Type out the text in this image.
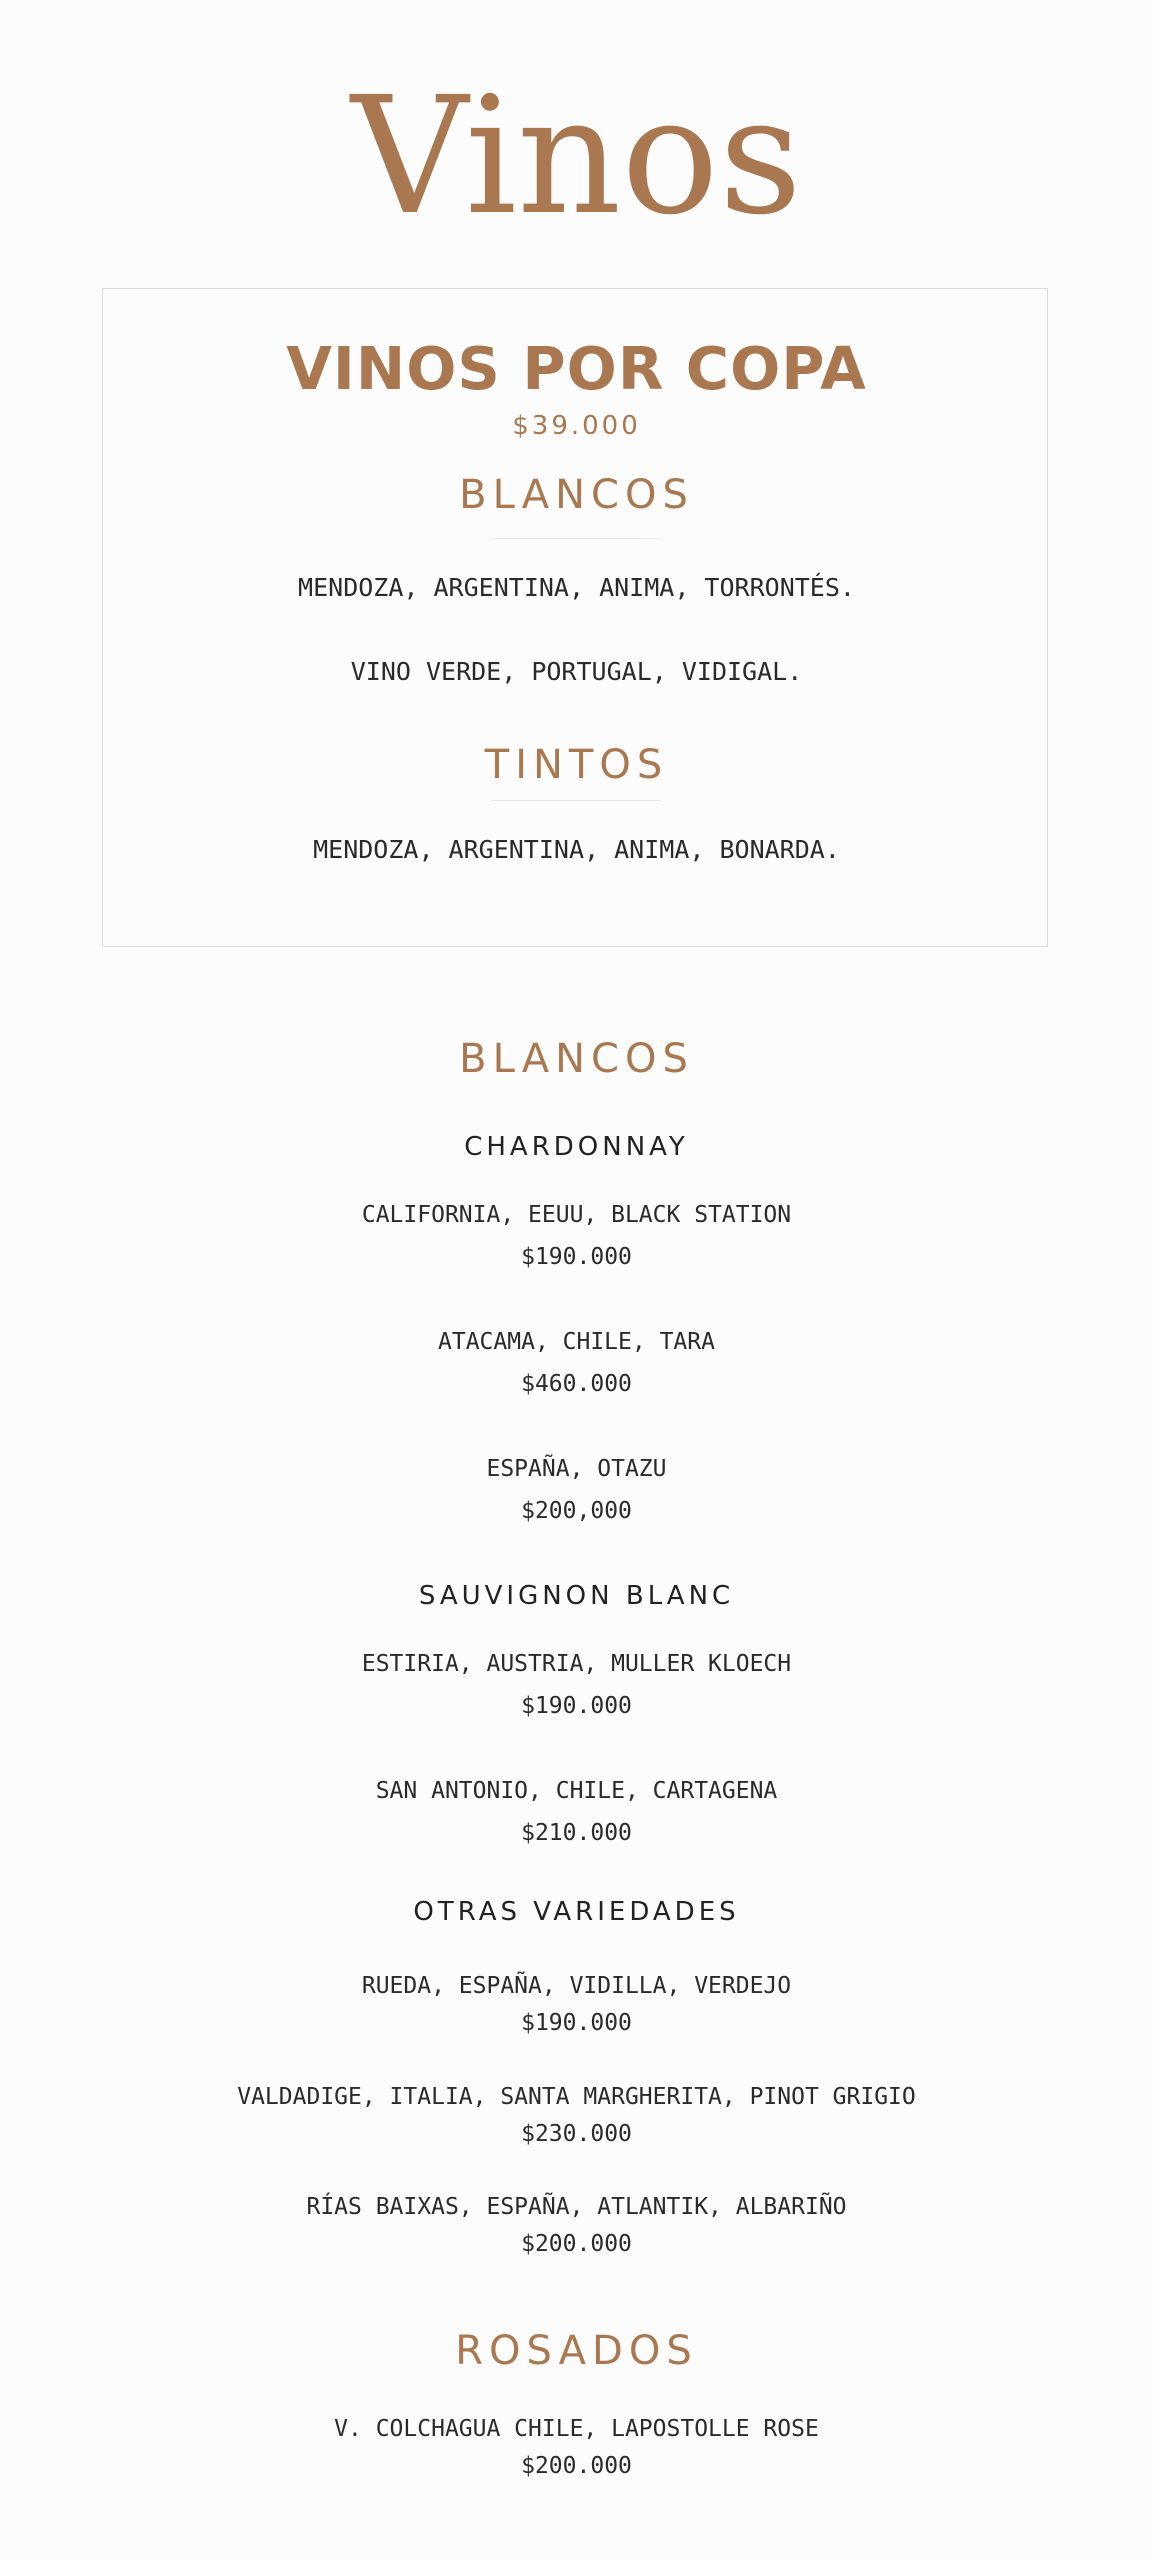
Vinos
VINOS POR COPA
$39.000
BLANCOS
MENDOZA, ARGENTINA, ANIMA, TORRONTÉS.
VINO VERDE, PORTUGAL, VIDIGAL.
TINTOS
MENDOZA, ARGENTINA, ANIMA, BONARDA.
BLANCOS
CHARDONNAY
CALIFORNIA, EEUU, BLACK STATION
$190.000
ATACAMA, CHILE, TARA
$460.000
ESPAÑA, OTAZU
$200,000
SAUVIGNON BLANC
ESTIRIA, AUSTRIA, MULLER KLOECH
$190.000
SAN ANTONIO, CHILE, CARTAGENA
$210.000
OTRAS VARIEDADES
RUEDA, ESPAÑA, VIDILLA, VERDEJO
$190.000
VALDADIGE, ITALIA, SANTA MARGHERITA, PINOT GRIGIO
$230.000
RÍAS BAIXAS, ESPAÑA, ATLANTIK, ALBARIÑO
$200.000
ROSADOS
V. COLCHAGUA CHILE, LAPOSTOLLE ROSE
$200.000
